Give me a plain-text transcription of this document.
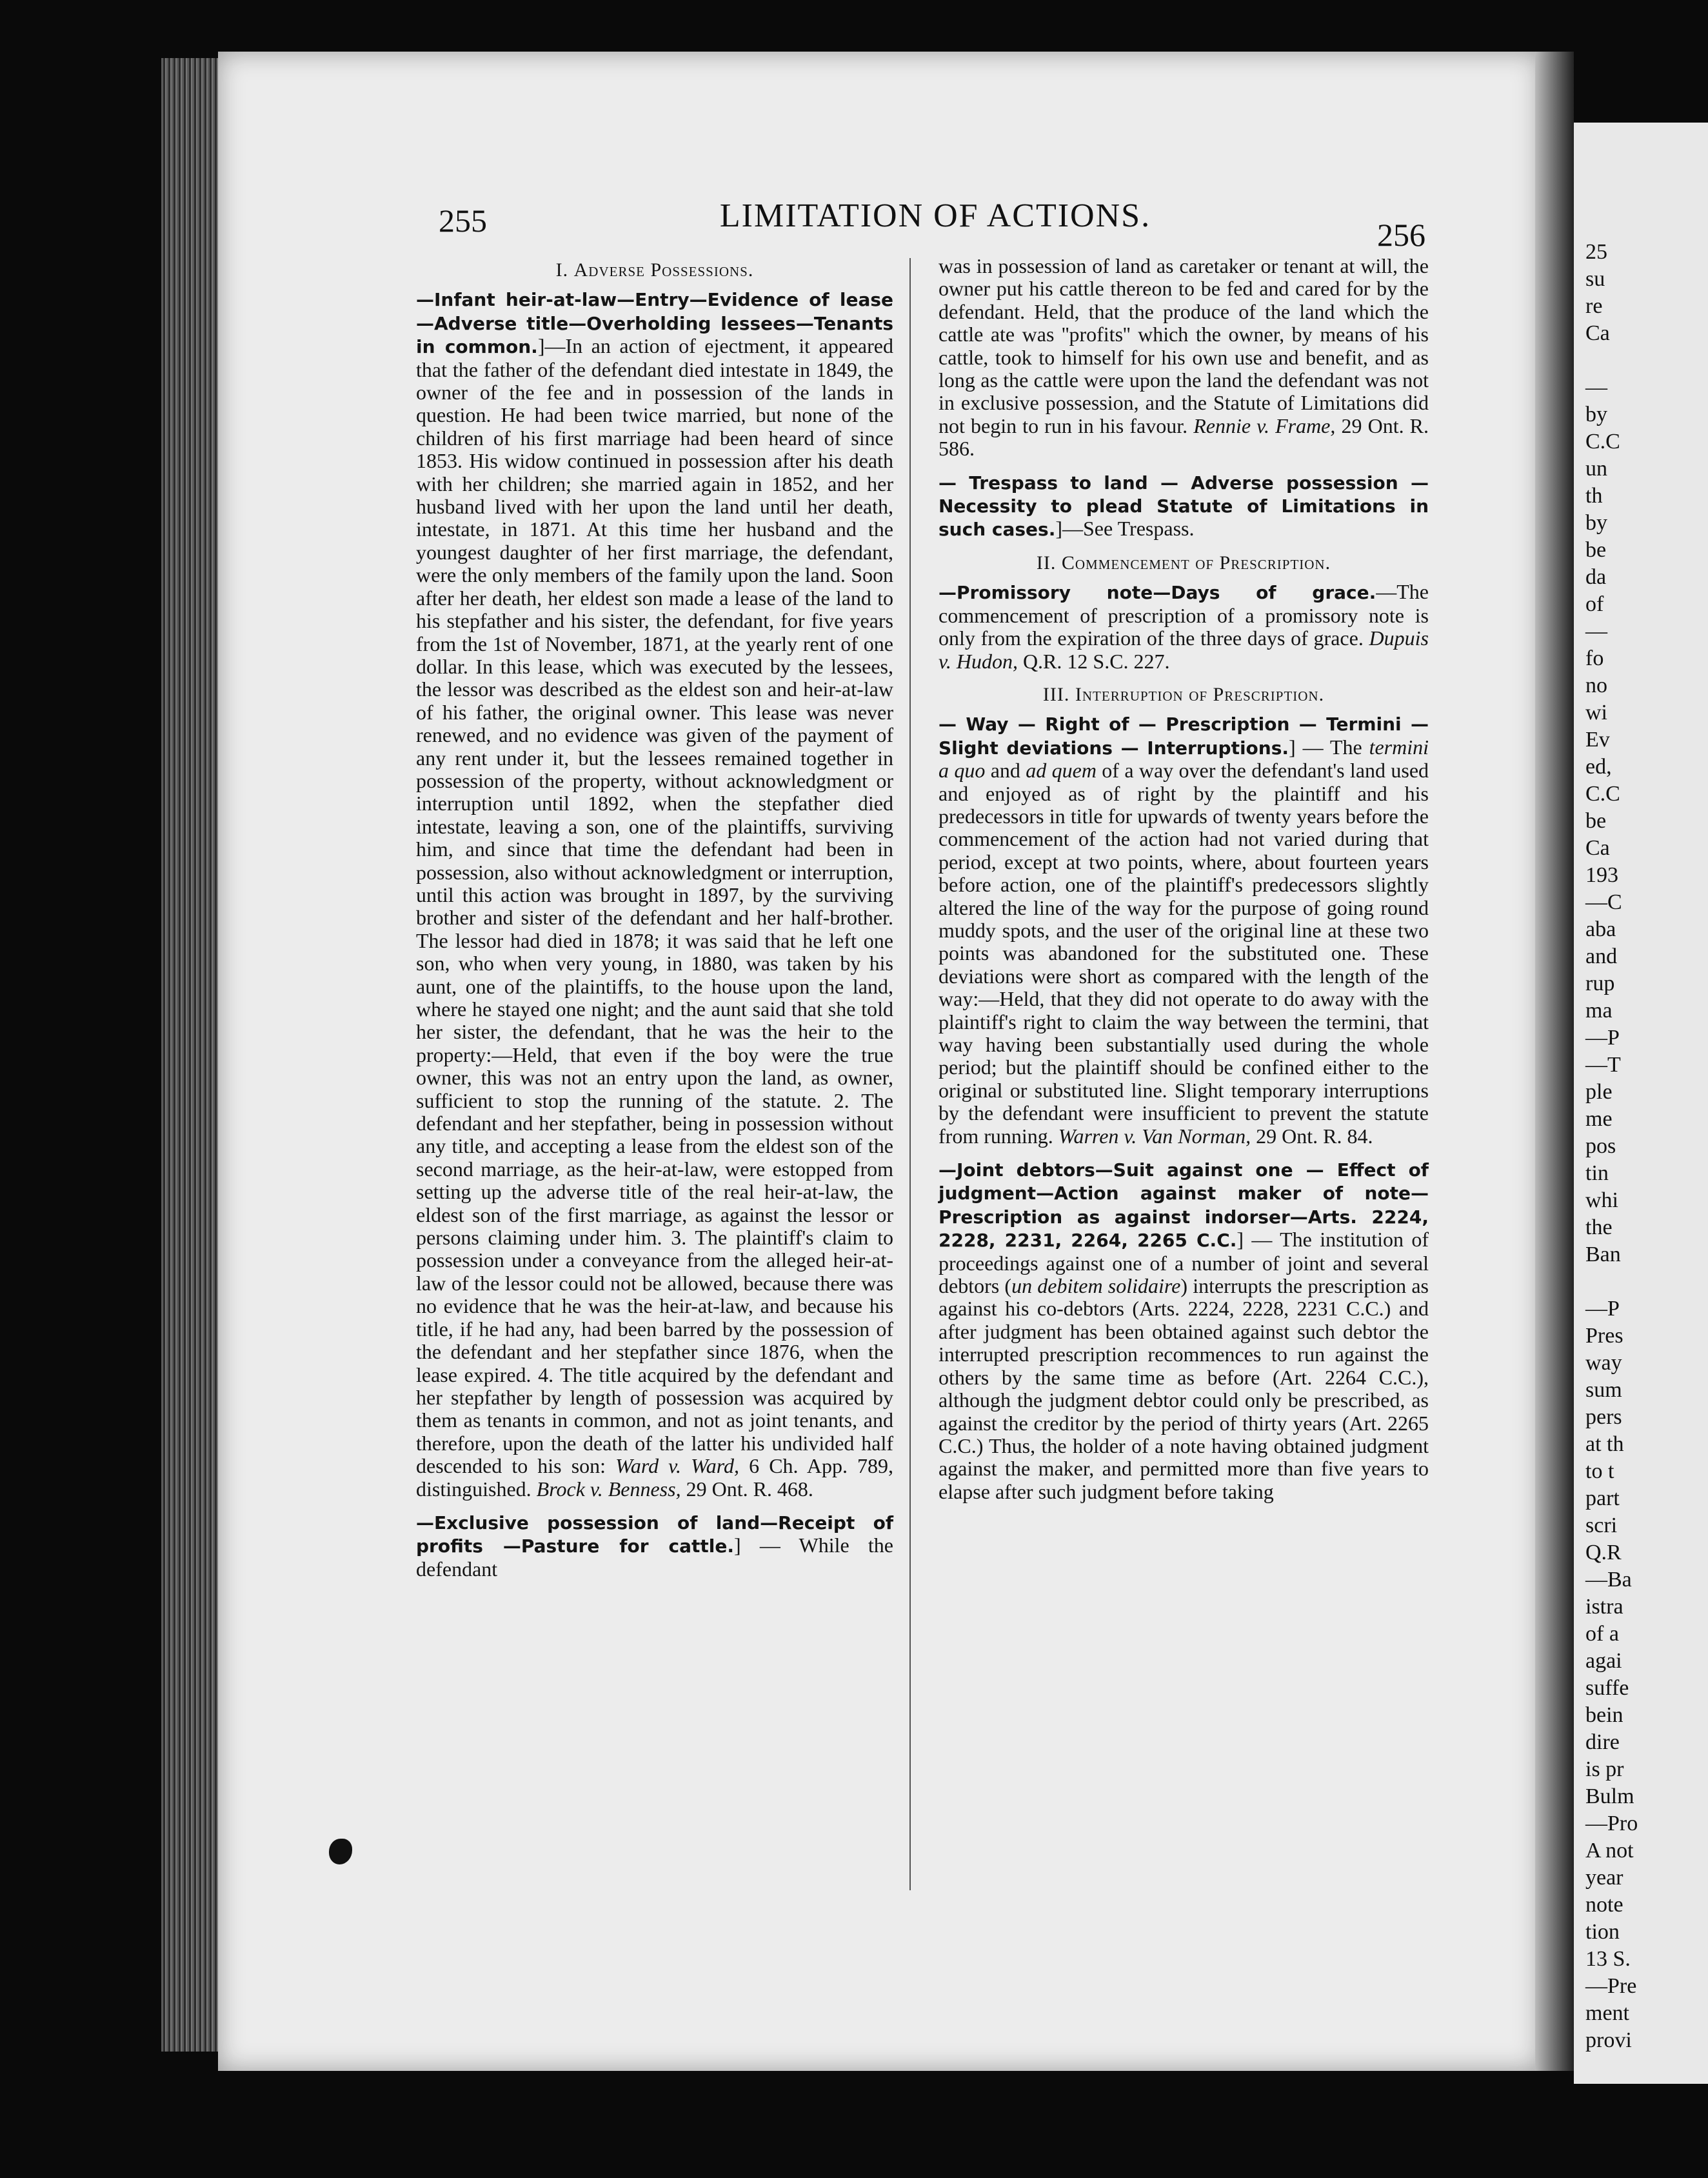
25
su
re
Ca

—
by
C.C
un
th
by
be
da
of
—
fo
no
wi
Ev
ed,
C.C
be
Ca
193
—C
aba
and
rup
ma
—P
—T
ple
me
pos
tin
whi
the
Ban

—P
Pres
way
sum
pers
at th
to t
part
scri
Q.R
—Ba
istra
of a
agai
suffe
bein
dire
is pr
Bulm
—Pro
A not
year
note
tion
13 S.
—Pre
ment
provi
255	LIMITATION OF ACTIONS.
256
I. Adverse Possessions.

—Infant heir-at-law—Entry—Evidence of lease —Adverse title—Overholding lessees—Tenants in common.]—In an action of ejectment, it appeared that the father of the defendant died intestate in 1849, the owner of the fee and in possession of the lands in question. He had been twice married, but none of the children of his first marriage had been heard of since 1853. His widow continued in possession after his death with her children; she married again in 1852, and her husband lived with her upon the land until her death, intestate, in 1871. At this time her husband and the youngest daughter of her first marriage, the defendant, were the only members of the family upon the land. Soon after her death, her eldest son made a lease of the land to his stepfather and his sister, the defendant, for five years from the 1st of November, 1871, at the yearly rent of one dollar. In this lease, which was executed by the lessees, the lessor was described as the eldest son and heir-at-law of his father, the original owner. This lease was never renewed, and no evidence was given of the payment of any rent under it, but the lessees remained together in possession of the property, without acknowledgment or interruption until 1892, when the stepfather died intestate, leaving a son, one of the plaintiffs, surviving him, and since that time the defendant had been in possession, also without acknowledgment or interruption, until this action was brought in 1897, by the surviving brother and sister of the defendant and her half-brother. The lessor had died in 1878; it was said that he left one son, who when very young, in 1880, was taken by his aunt, one of the plaintiffs, to the house upon the land, where he stayed one night; and the aunt said that she told her sister, the defendant, that he was the heir to the property:—Held, that even if the boy were the true owner, this was not an entry upon the land, as owner, sufficient to stop the running of the statute. 2. The defendant and her stepfather, being in possession without any title, and accepting a lease from the eldest son of the second marriage, as the heir-at-law, were estopped from setting up the adverse title of the real heir-at-law, the eldest son of the first marriage, as against the lessor or persons claiming under him. 3. The plaintiff's claim to possession under a conveyance from the alleged heir-at-law of the lessor could not be allowed, because there was no evidence that he was the heir-at-law, and because his title, if he had any, had been barred by the possession of the defendant and her stepfather since 1876, when the lease expired. 4. The title acquired by the defendant and her stepfather by length of possession was acquired by them as tenants in common, and not as joint tenants, and therefore, upon the death of the latter his undivided half descended to his son: Ward v. Ward, 6 Ch. App. 789, distinguished. Brock v. Benness, 29 Ont. R. 468.

—Exclusive possession of land—Receipt of profits —Pasture for cattle.] — While the defendant

was in possession of land as caretaker or tenant at will, the owner put his cattle thereon to be fed and cared for by the defendant. Held, that the produce of the land which the cattle ate was ''profits'' which the owner, by means of his cattle, took to himself for his own use and benefit, and as long as the cattle were upon the land the defendant was not in exclusive possession, and the Statute of Limitations did not begin to run in his favour. Rennie v. Frame, 29 Ont. R. 586.

— Trespass to land — Adverse possession — Necessity to plead Statute of Limitations in such cases.]—See Trespass.

II. Commencement of Prescription.

—Promissory note—Days of grace.—The commencement of prescription of a promissory note is only from the expiration of the three days of grace. Dupuis v. Hudon, Q.R. 12 S.C. 227.

III. Interruption of Prescription.

— Way — Right of — Prescription — Termini — Slight deviations — Interruptions.] — The termini a quo and ad quem of a way over the defendant's land used and enjoyed as of right by the plaintiff and his predecessors in title for upwards of twenty years before the commencement of the action had not varied during that period, except at two points, where, about fourteen years before action, one of the plaintiff's predecessors slightly altered the line of the way for the purpose of going round muddy spots, and the user of the original line at these two points was abandoned for the substituted one. These deviations were short as compared with the length of the way:—Held, that they did not operate to do away with the plaintiff's right to claim the way between the termini, that way having been substantially used during the whole period; but the plaintiff should be confined either to the original or substituted line. Slight temporary interruptions by the defendant were insufficient to prevent the statute from running. Warren v. Van Norman, 29 Ont. R. 84.

—Joint debtors—Suit against one — Effect of judgment—Action against maker of note—Prescription as against indorser—Arts. 2224, 2228, 2231, 2264, 2265 C.C.] — The institution of proceedings against one of a number of joint and several debtors (un debitem solidaire) interrupts the prescription as against his co-debtors (Arts. 2224, 2228, 2231 C.C.) and after judgment has been obtained against such debtor the interrupted prescription recommences to run against the others by the same time as before (Art. 2264 C.C.), although the judgment debtor could only be prescribed, as against the creditor by the period of thirty years (Art. 2265 C.C.) Thus, the holder of a note having obtained judgment against the maker, and permitted more than five years to elapse after such judgment before taking
